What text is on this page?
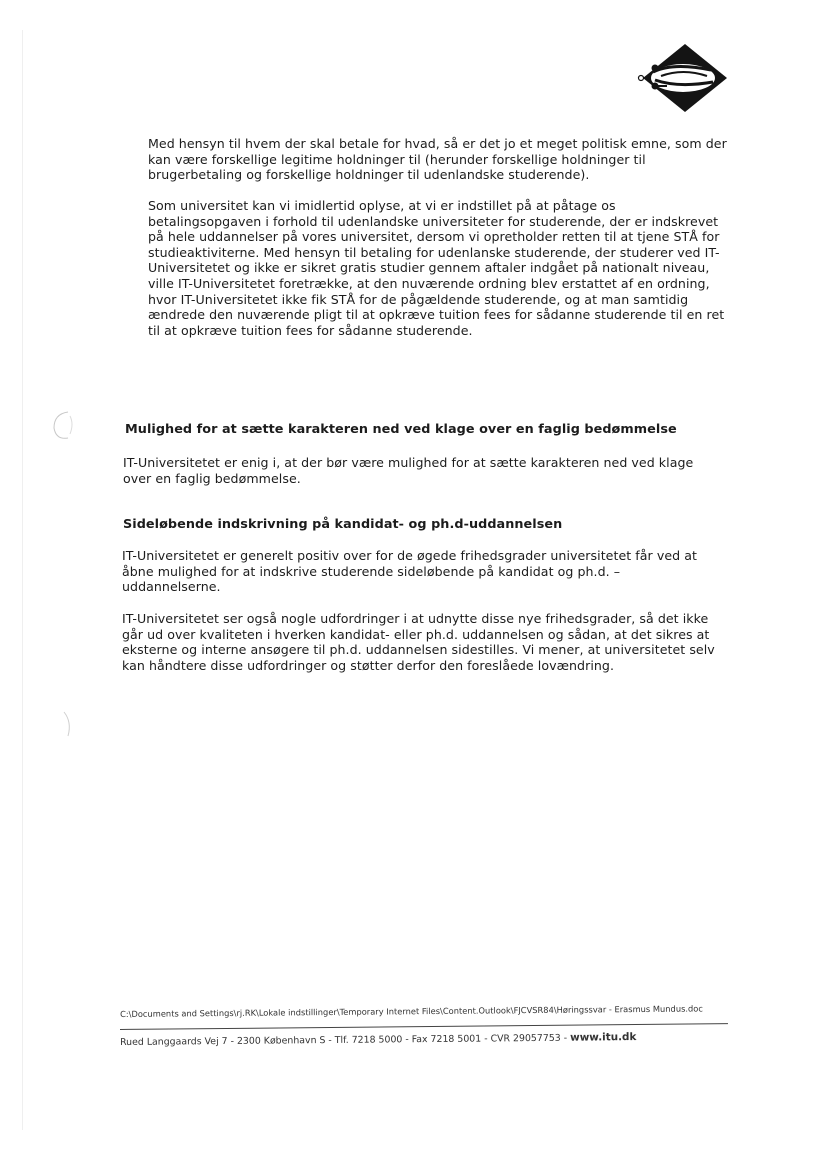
Med hensyn til hvem der skal betale for hvad, så er det jo et meget politisk emne, som der kan være forskellige legitime holdninger til (herunder forskellige holdninger til brugerbetaling og forskellige holdninger til udenlandske studerende).

Som universitet kan vi imidlertid oplyse, at vi er indstillet på at påtage os betalingsopgaven i forhold til udenlandske universiteter for studerende, der er indskrevet på hele uddannelser på vores universitet, dersom vi opretholder retten til at tjene STÅ for studieaktiviterne. Med hensyn til betaling for udenlanske studerende, der studerer ved IT-Universitetet og ikke er sikret gratis studier gennem aftaler indgået på nationalt niveau, ville IT-Universitetet foretrække, at den nuværende ordning blev erstattet af en ordning, hvor IT-Universitetet ikke fik STÅ for de pågældende studerende, og at man samtidig ændrede den nuværende pligt til at opkræve tuition fees for sådanne studerende til en ret til at opkræve tuition fees for sådanne studerende.

Mulighed for at sætte karakteren ned ved klage over en faglig bedømmelse

IT-Universitetet er enig i, at der bør være mulighed for at sætte karakteren ned ved klage over en faglig bedømmelse.

Sideløbende indskrivning på kandidat- og ph.d-uddannelsen

IT-Universitetet er generelt positiv over for de øgede frihedsgrader universitetet får ved at åbne mulighed for at indskrive studerende sideløbende på kandidat og ph.d. – uddannelserne.

IT-Universitetet ser også nogle udfordringer i at udnytte disse nye frihedsgrader, så det ikke går ud over kvaliteten i hverken kandidat- eller ph.d. uddannelsen og sådan, at det sikres at eksterne og interne ansøgere til ph.d. uddannelsen sidestilles. Vi mener, at universitetet selv kan håndtere disse udfordringer og støtter derfor den foreslåede lovændring.

C:\Documents and Settings\rj.RK\Lokale indstillinger\Temporary Internet Files\Content.Outlook\FJCVSR84\Høringssvar - Erasmus Mundus.doc
Rued Langgaards Vej 7 - 2300 København S - Tlf. 7218 5000 - Fax 7218 5001 - CVR 29057753 - www.itu.dk
